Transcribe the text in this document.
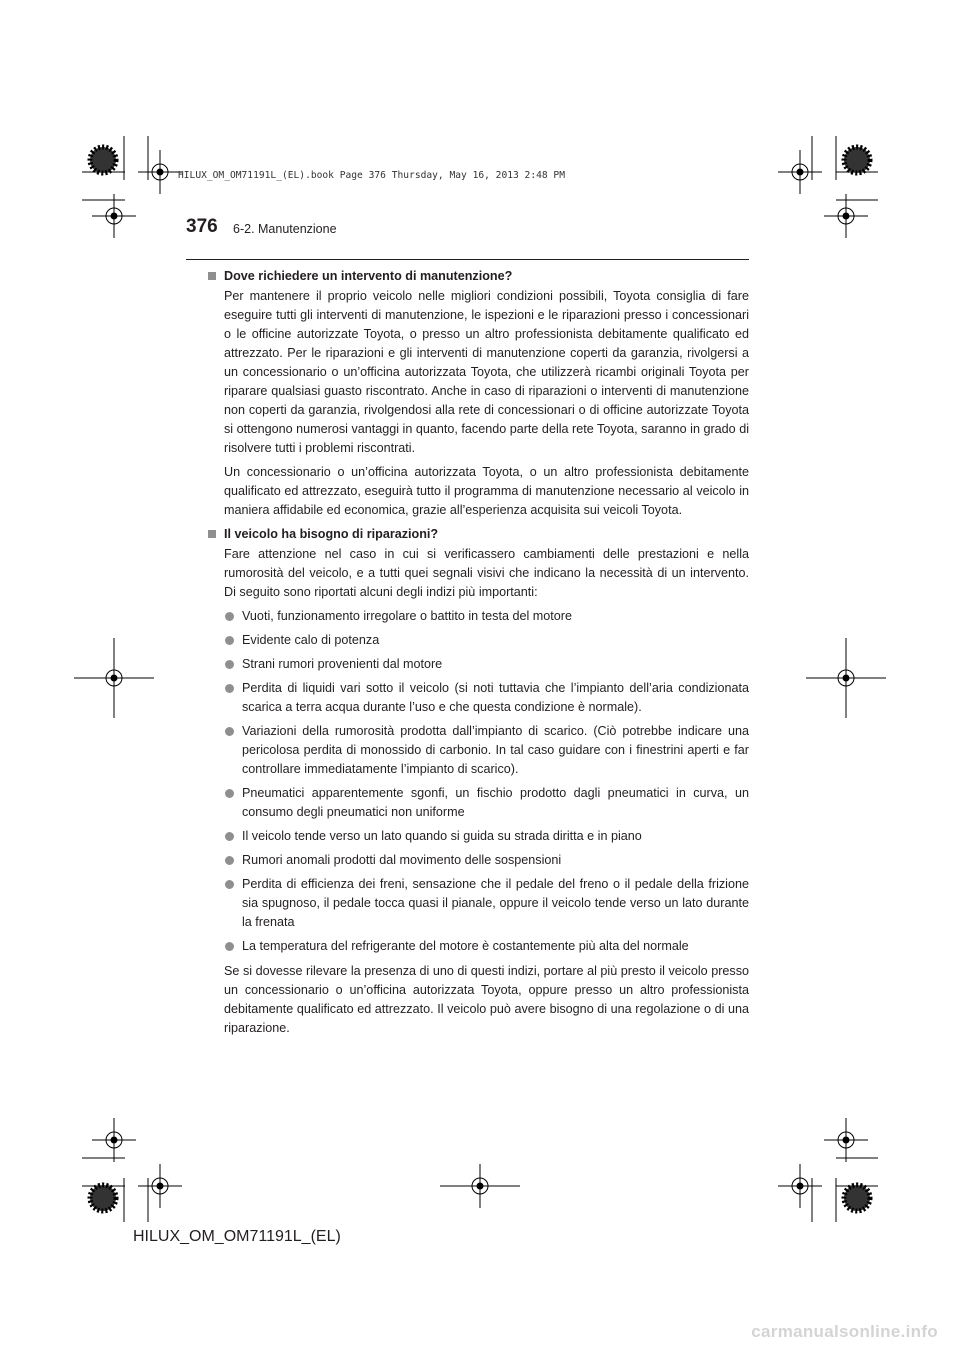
HILUX_OM_OM71191L_(EL).book Page 376 Thursday, May 16, 2013 2:48 PM
376 6-2. Manutenzione
Dove richiedere un intervento di manutenzione?
Per mantenere il proprio veicolo nelle migliori condizioni possibili, Toyota consiglia di fare eseguire tutti gli interventi di manutenzione, le ispezioni e le riparazioni presso i concessionari o le officine autorizzate Toyota, o presso un altro professionista debitamente qualificato ed attrezzato. Per le riparazioni e gli interventi di manutenzione coperti da garanzia, rivolgersi a un concessionario o un’officina autorizzata Toyota, che utilizzerà ricambi originali Toyota per riparare qualsiasi guasto riscontrato. Anche in caso di riparazioni o interventi di manutenzione non coperti da garanzia, rivolgendosi alla rete di concessionari o di officine autorizzate Toyota si ottengono numerosi vantaggi in quanto, facendo parte della rete Toyota, saranno in grado di risolvere tutti i problemi riscontrati.
Un concessionario o un’officina autorizzata Toyota, o un altro professionista debitamente qualificato ed attrezzato, eseguirà tutto il programma di manutenzione necessario al veicolo in maniera affidabile ed economica, grazie all’esperienza acquisita sui veicoli Toyota.
Il veicolo ha bisogno di riparazioni?
Fare attenzione nel caso in cui si verificassero cambiamenti delle prestazioni e nella rumorosità del veicolo, e a tutti quei segnali visivi che indicano la necessità di un intervento. Di seguito sono riportati alcuni degli indizi più importanti:
Vuoti, funzionamento irregolare o battito in testa del motore
Evidente calo di potenza
Strani rumori provenienti dal motore
Perdita di liquidi vari sotto il veicolo (si noti tuttavia che l’impianto dell’aria condizionata scarica a terra acqua durante l’uso e che questa condizione è normale).
Variazioni della rumorosità prodotta dall’impianto di scarico. (Ciò potrebbe indicare una pericolosa perdita di monossido di carbonio. In tal caso guidare con i finestrini aperti e far controllare immediatamente l’impianto di scarico).
Pneumatici apparentemente sgonfi, un fischio prodotto dagli pneumatici in curva, un consumo degli pneumatici non uniforme
Il veicolo tende verso un lato quando si guida su strada diritta e in piano
Rumori anomali prodotti dal movimento delle sospensioni
Perdita di efficienza dei freni, sensazione che il pedale del freno o il pedale della frizione sia spugnoso, il pedale tocca quasi il pianale, oppure il veicolo tende verso un lato durante la frenata
La temperatura del refrigerante del motore è costantemente più alta del normale
Se si dovesse rilevare la presenza di uno di questi indizi, portare al più presto il veicolo presso un concessionario o un’officina autorizzata Toyota, oppure presso un altro professionista debitamente qualificato ed attrezzato. Il veicolo può avere bisogno di una regolazione o di una riparazione.
HILUX_OM_OM71191L_(EL)
carmanualsonline.info
